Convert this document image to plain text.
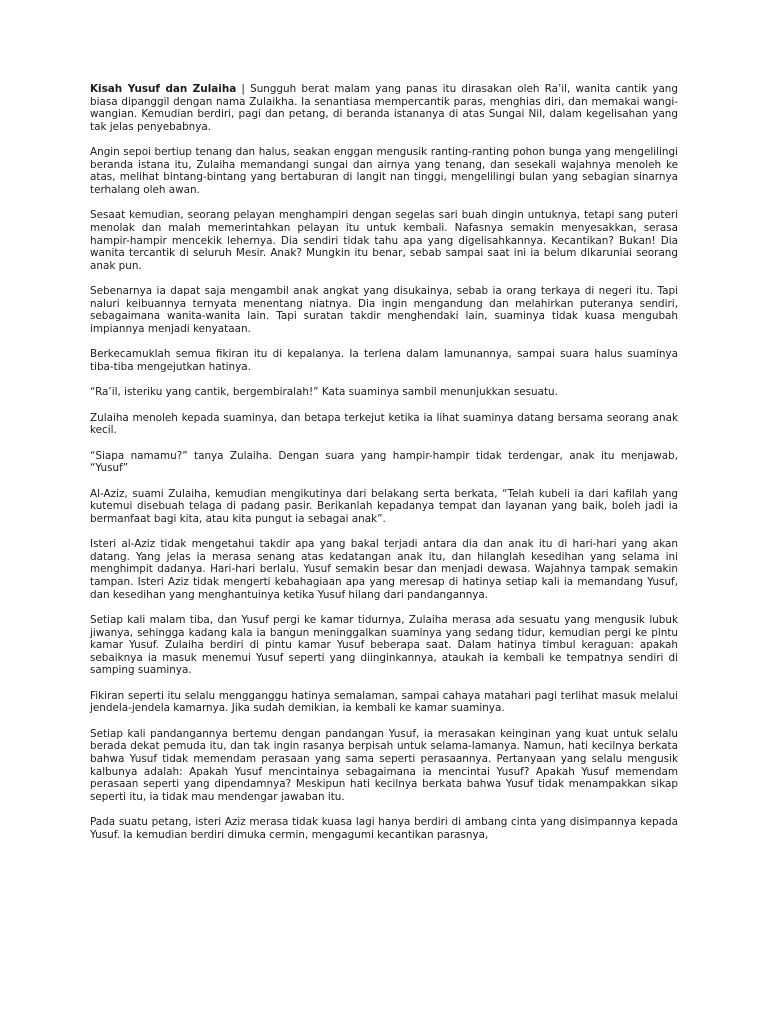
Kisah Yusuf dan Zulaiha | Sungguh berat malam yang panas itu dirasakan oleh Ra’il, wanita cantik yang biasa dipanggil dengan nama Zulaikha. Ia senantiasa mempercantik paras, menghias diri, dan memakai wangi-wangian. Kemudian berdiri, pagi dan petang, di beranda istananya di atas Sungai Nil, dalam kegelisahan yang tak jelas penyebabnya.

Angin sepoi bertiup tenang dan halus, seakan enggan mengusik ranting-ranting pohon bunga yang mengelilingi beranda istana itu, Zulaiha memandangi sungai dan airnya yang tenang, dan sesekali wajahnya menoleh ke atas, melihat bintang-bintang yang bertaburan di langit nan tinggi, mengelilingi bulan yang sebagian sinarnya terhalang oleh awan.

Sesaat kemudian, seorang pelayan menghampiri dengan segelas sari buah dingin untuknya, tetapi sang puteri menolak dan malah memerintahkan pelayan itu untuk kembali. Nafasnya semakin menyesakkan, serasa hampir-hampir mencekik lehernya. Dia sendiri tidak tahu apa yang digelisahkannya. Kecantikan? Bukan! Dia wanita tercantik di seluruh Mesir. Anak? Mungkin itu benar, sebab sampai saat ini ia belum dikaruniai seorang anak pun.

Sebenarnya ia dapat saja mengambil anak angkat yang disukainya, sebab ia orang terkaya di negeri itu. Tapi naluri keibuannya ternyata menentang niatnya. Dia ingin mengandung dan melahirkan puteranya sendiri, sebagaimana wanita-wanita lain. Tapi suratan takdir menghendaki lain, suaminya tidak kuasa mengubah impiannya menjadi kenyataan.

Berkecamuklah semua fikiran itu di kepalanya. Ia terlena dalam lamunannya, sampai suara halus suaminya tiba-tiba mengejutkan hatinya.

“Ra’il, isteriku yang cantik, bergembiralah!” Kata suaminya sambil menunjukkan sesuatu.

Zulaiha menoleh kepada suaminya, dan betapa terkejut ketika ia lihat suaminya datang bersama seorang anak kecil.

“Siapa namamu?” tanya Zulaiha. Dengan suara yang hampir-hampir tidak terdengar, anak itu menjawab, “Yusuf”

Al-Aziz, suami Zulaiha, kemudian mengikutinya dari belakang serta berkata, “Telah kubeli ia dari kafilah yang kutemui disebuah telaga di padang pasir. Berikanlah kepadanya tempat dan layanan yang baik, boleh jadi ia bermanfaat bagi kita, atau kita pungut ia sebagai anak”.

Isteri al-Aziz tidak mengetahui takdir apa yang bakal terjadi antara dia dan anak itu di hari-hari yang akan datang. Yang jelas ia merasa senang atas kedatangan anak itu, dan hilanglah kesedihan yang selama ini menghimpit dadanya. Hari-hari berlalu. Yusuf semakin besar dan menjadi dewasa. Wajahnya tampak semakin tampan. Isteri Aziz tidak mengerti kebahagiaan apa yang meresap di hatinya setiap kali ia memandang Yusuf, dan kesedihan yang menghantuinya ketika Yusuf hilang dari pandangannya.

Setiap kali malam tiba, dan Yusuf pergi ke kamar tidurnya, Zulaiha merasa ada sesuatu yang mengusik lubuk jiwanya, sehingga kadang kala ia bangun meninggalkan suaminya yang sedang tidur, kemudian pergi ke pintu kamar Yusuf. Zulaiha berdiri di pintu kamar Yusuf beberapa saat. Dalam hatinya timbul keraguan: apakah sebaiknya ia masuk menemui Yusuf seperti yang diinginkannya, ataukah ia kembali ke tempatnya sendiri di samping suaminya.

Fikiran seperti itu selalu mengganggu hatinya semalaman, sampai cahaya matahari pagi terlihat masuk melalui jendela-jendela kamarnya. Jika sudah demikian, ia kembali ke kamar suaminya.

Setiap kali pandangannya bertemu dengan pandangan Yusuf, ia merasakan keinginan yang kuat untuk selalu berada dekat pemuda itu, dan tak ingin rasanya berpisah untuk selama-lamanya. Namun, hati kecilnya berkata bahwa Yusuf tidak memendam perasaan yang sama seperti perasaannya. Pertanyaan yang selalu mengusik kalbunya adalah: Apakah Yusuf mencintainya sebagaimana ia mencintai Yusuf? Apakah Yusuf memendam perasaan seperti yang dipendamnya? Meskipun hati kecilnya berkata bahwa Yusuf tidak menampakkan sikap seperti itu, ia tidak mau mendengar jawaban itu.

Pada suatu petang, isteri Aziz merasa tidak kuasa lagi hanya berdiri di ambang cinta yang disimpannya kepada Yusuf. Ia kemudian berdiri dimuka cermin, mengagumi kecantikan parasnya,
